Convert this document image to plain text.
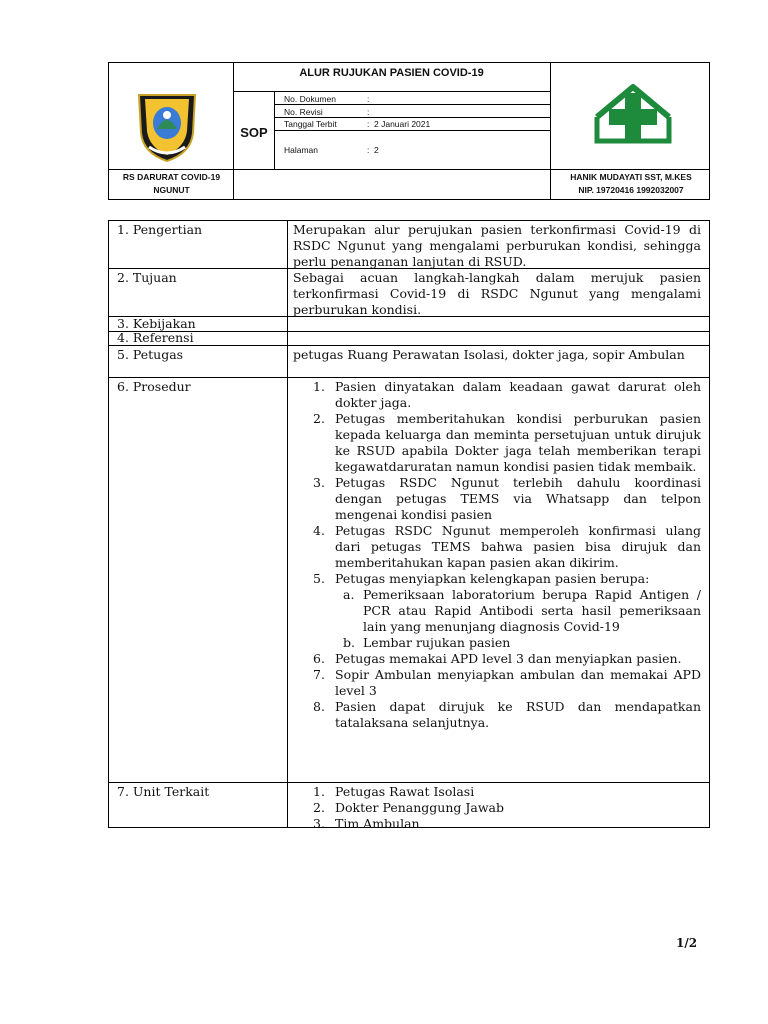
ALUR RUJUKAN PASIEN COVID-19
SOP
No. Dokumen	:
No. Revisi	:
Tanggal Terbit	: 2 Januari 2021
Halaman	: 2
RS DARURAT COVID-19
NGUNUT
HANIK MUDAYATI SST, M.KES
NIP. 19720416 1992032007
1. Pengertian	Merupakan alur perujukan pasien terkonfirmasi Covid-19 di RSDC Ngunut yang mengalami perburukan kondisi, sehingga perlu penanganan lanjutan di RSUD.
2. Tujuan	Sebagai acuan langkah-langkah dalam merujuk pasien terkonfirmasi Covid-19 di RSDC Ngunut yang mengalami perburukan kondisi.
3. Kebijakan
4. Referensi
5. Petugas	petugas Ruang Perawatan Isolasi, dokter jaga, sopir Ambulan
6. Prosedur	1. Pasien dinyatakan dalam keadaan gawat darurat oleh dokter jaga.
2. Petugas memberitahukan kondisi perburukan pasien kepada keluarga dan meminta persetujuan untuk dirujuk ke RSUD apabila Dokter jaga telah memberikan terapi kegawatdaruratan namun kondisi pasien tidak membaik.
3. Petugas RSDC Ngunut terlebih dahulu koordinasi dengan petugas TEMS via Whatsapp dan telpon mengenai kondisi pasien
4. Petugas RSDC Ngunut memperoleh konfirmasi ulang dari petugas TEMS bahwa pasien bisa dirujuk dan memberitahukan kapan pasien akan dikirim.
5. Petugas menyiapkan kelengkapan pasien berupa:
a. Pemeriksaan laboratorium berupa Rapid Antigen / PCR atau Rapid Antibodi serta hasil pemeriksaan lain yang menunjang diagnosis Covid-19
b. Lembar rujukan pasien
6. Petugas memakai APD level 3 dan menyiapkan pasien.
7. Sopir Ambulan menyiapkan ambulan dan memakai APD level 3
8. Pasien dapat dirujuk ke RSUD dan mendapatkan tatalaksana selanjutnya.
7. Unit Terkait	1. Petugas Rawat Isolasi
2. Dokter Penanggung Jawab
3. Tim Ambulan
1/2
